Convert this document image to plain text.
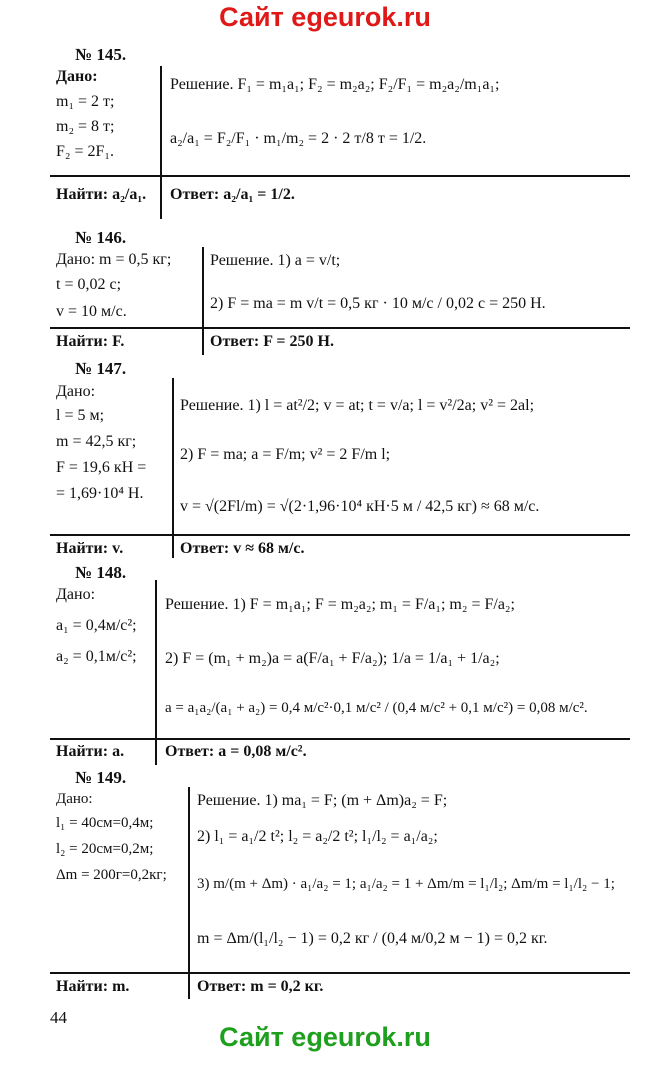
Сайт egeurok.ru
№ 145.
Дано:
m₁ = 2 т;
m₂ = 8 т;
F₂ = 2F₁.
Решение. F₁ = m₁a₁; F₂ = m₂a₂; F₂/F₁ = m₂a₂/m₁a₁;
a₂/a₁ = F₂/F₁ · m₁/m₂ = 2 · 2 т/8 т = 1/2.
Найти: a₂/a₁. Ответ: a₂/a₁ = 1/2.
№ 146.
Дано: m = 0,5 кг;
t = 0,02 с;
v = 10 м/с.
Решение. 1) a = v/t;
2) F = ma = m v/t = 0,5 кг · 10 м/с / 0,02 с = 250 Н.
Найти: F.	Ответ: F = 250 Н.
№ 147.
Дано:
l = 5 м;
m = 42,5 кг;
F = 19,6 кН =
= 1,69·10⁴ Н.
Решение. 1) l = at²/2; v = at; t = v/a; l = v²/2a; v² = 2al;
2) F = ma; a = F/m; v² = 2 F/m l;
v = √(2Fl/m) = √(2·1,96·10⁴ кН·5 м / 42,5 кг) ≈ 68 м/с.
Найти: v.	Ответ: v ≈ 68 м/с.
№ 148.
Дано:
a₁ = 0,4м/с²;
a₂ = 0,1м/с²;
Решение. 1) F = m₁a₁; F = m₂a₂; m₁ = F/a₁; m₂ = F/a₂;
2) F = (m₁ + m₂)a = a(F/a₁ + F/a₂); 1/a = 1/a₁ + 1/a₂;
a = a₁a₂/(a₁ + a₂) = 0,4 м/с²·0,1 м/с² / (0,4 м/с² + 0,1 м/с²) = 0,08 м/с².
Найти: a.	Ответ: a = 0,08 м/с².
№ 149.
Дано:
l₁ = 40см=0,4м;
l₂ = 20см=0,2м;
Δm = 200г=0,2кг;
Решение. 1) ma₁ = F; (m + Δm)a₂ = F;
2) l₁ = a₁/2 t²; l₂ = a₂/2 t²; l₁/l₂ = a₁/a₂;
3) m/(m + Δm) · a₁/a₂ = 1; a₁/a₂ = 1 + Δm/m = l₁/l₂; Δm/m = l₁/l₂ − 1;
m = Δm/(l₁/l₂ − 1) = 0,2 кг / (0,4 м/0,2 м − 1) = 0,2 кг.
Найти: m.	Ответ: m = 0,2 кг.
44
Сайт egeurok.ru
